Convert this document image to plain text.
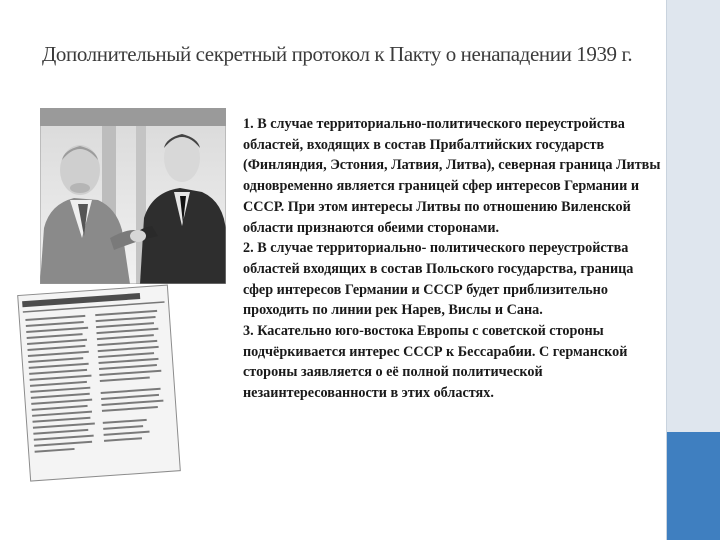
Дополнительный секретный протокол к Пакту о ненападении 1939 г.

1. В случае территориально-политического переустройства областей, входящих в состав Прибалтийских государств (Финляндия, Эстония, Латвия, Литва), северная граница Литвы одновременно является границей сфер интересов Германии и СССР. При этом интересы Литвы по отношению Виленской области признаются обеими сторонами.

2. В случае территориально- политического переустройства областей входящих в состав Польского государства, граница сфер интересов Германии и СССР будет приблизительно проходить по линии рек Нарев, Вислы и Сана.

3. Касательно юго-востока Европы с советской стороны подчёркивается интерес СССР к Бессарабии. С германской стороны заявляется о её полной политической незаинтересованности в этих областях.
